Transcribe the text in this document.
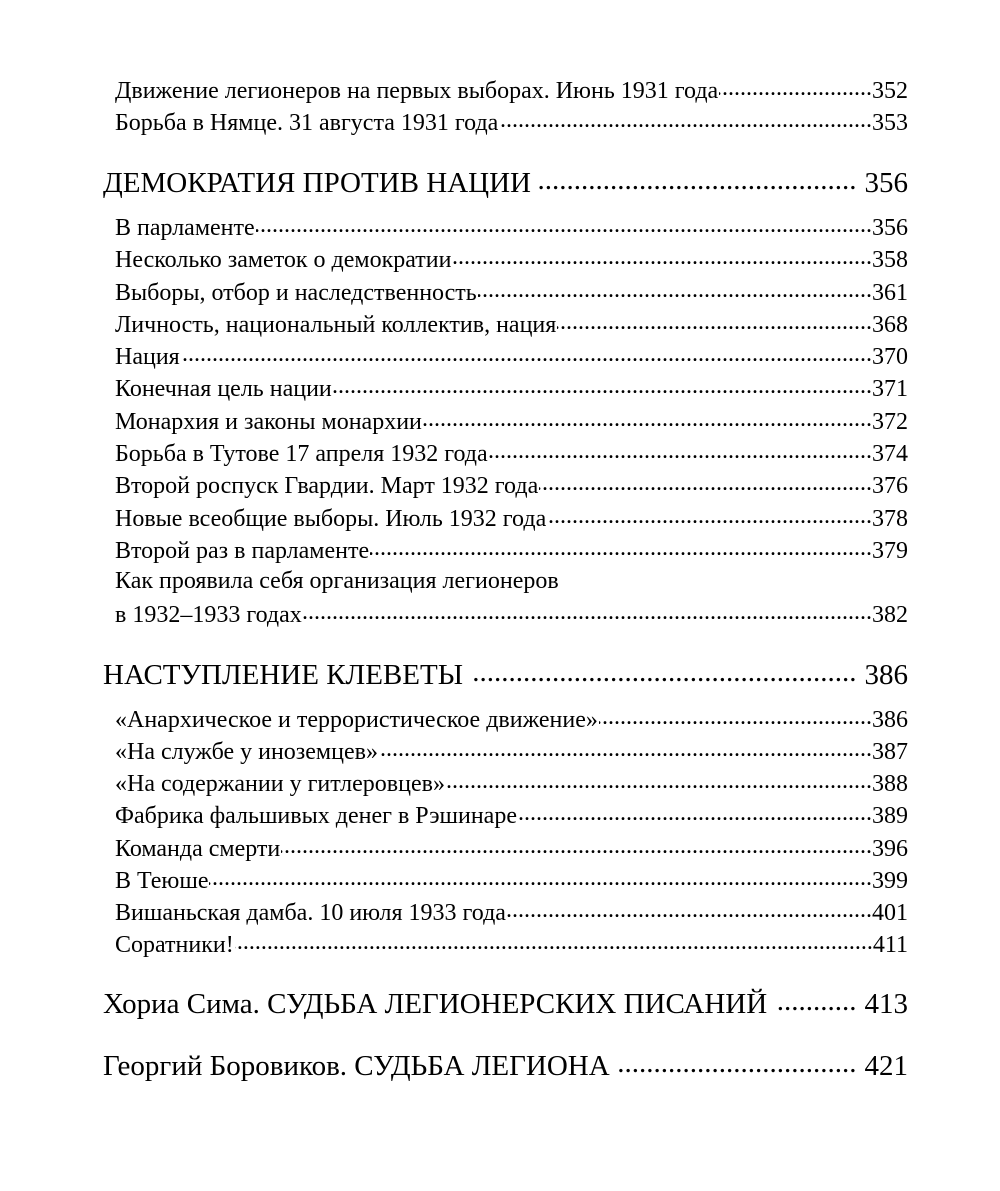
Движение легионеров на первых выборах. Июнь 1931 года .....	352
Борьба в Нямце. 31 августа 1931 года .....	353
ДЕМОКРАТИЯ ПРОТИВ НАЦИИ .....	356
В парламенте .....	356
Несколько заметок о демократии .....	358
Выборы, отбор и наследственность .....	361
Личность, национальный коллектив, нация .....	368
Нация .....	370
Конечная цель нации .....	371
Монархия и законы монархии .....	372
Борьба в Тутове 17 апреля 1932 года .....	374
Второй роспуск Гвардии. Март 1932 года .....	376
Новые всеобщие выборы. Июль 1932 года .....	378
Второй раз в парламенте .....	379
Как проявила себя организация легионеров
в 1932–1933 годах .....	382
НАСТУПЛЕНИЕ КЛЕВЕТЫ .....	386
«Анархическое и террористическое движение» .....	386
«На службе у иноземцев» .....	387
«На содержании у гитлеровцев» .....	388
Фабрика фальшивых денег в Рэшинаре .....	389
Команда смерти .....	396
В Теюше .....	399
Вишаньская дамба. 10 июля 1933 года .....	401
Соратники! .....	411
Хориа Сима. СУДЬБА ЛЕГИОНЕРСКИХ ПИСАНИЙ .....	413
Георгий Боровиков. СУДЬБА ЛЕГИОНА .....	421
